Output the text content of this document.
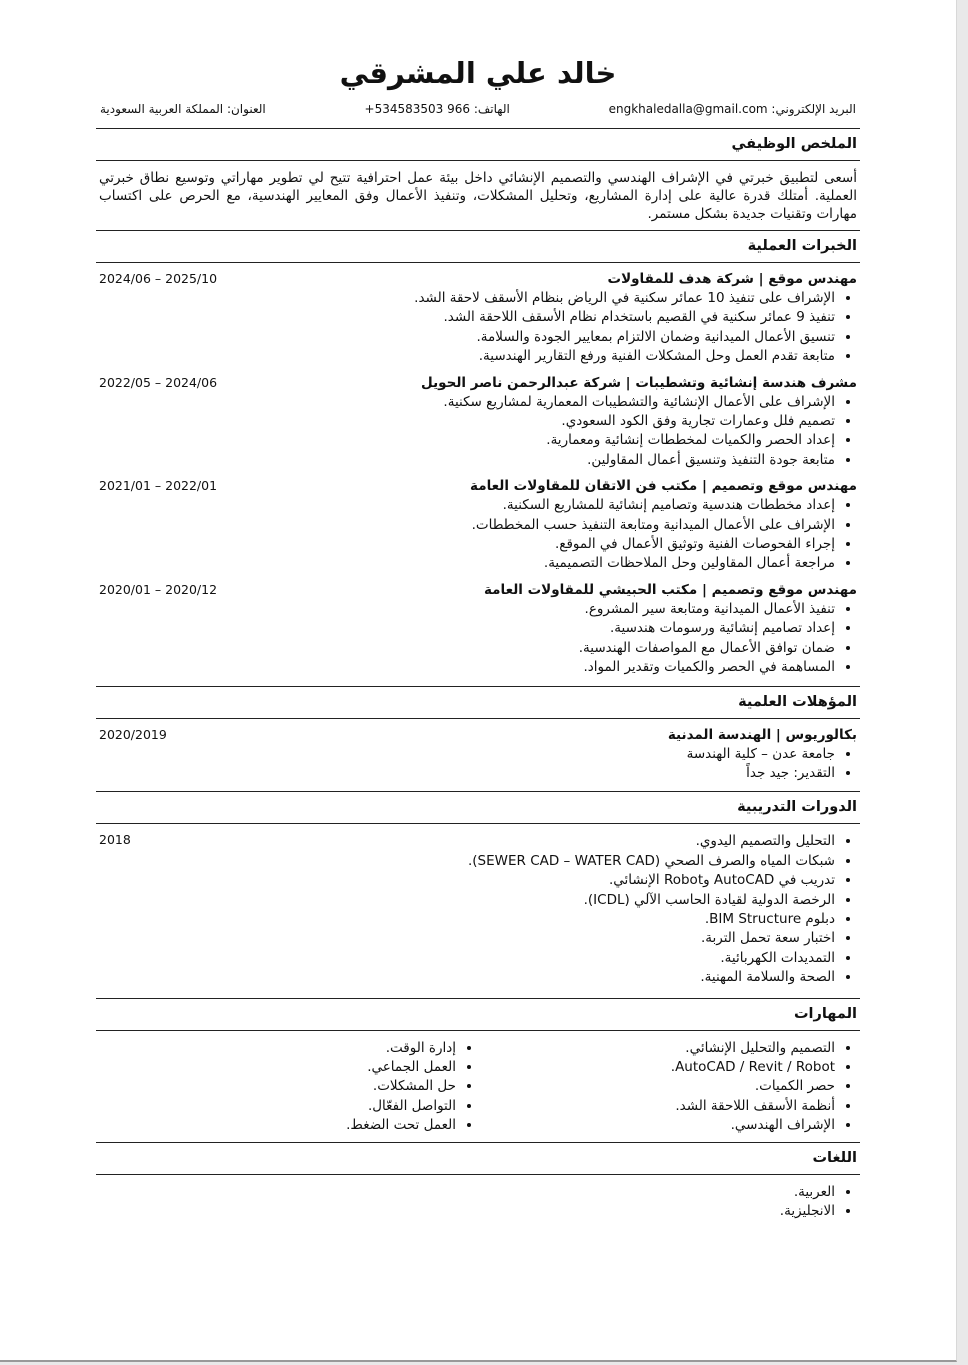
خالد علي المشرقي
البريد الإلكتروني: engkhaledalla@gmail.com
الهاتف: 966 534583503+
العنوان: المملكة العربية السعودية
الملخص الوظيفي
أسعى لتطبيق خبرتي في الإشراف الهندسي والتصميم الإنشائي داخل بيئة عمل احترافية تتيح لي تطوير مهاراتي وتوسيع نطاق خبرتي العملية. أمتلك قدرة عالية على إدارة المشاريع، وتحليل المشكلات، وتنفيذ الأعمال وفق المعايير الهندسية، مع الحرص على اكتساب مهارات وتقنيات جديدة بشكل مستمر.
الخبرات العملية
مهندس موقع | شركة هدف للمقاولات
2024/06 – 2025/10
• الإشراف على تنفيذ 10 عمائر سكنية في الرياض بنظام الأسقف لاحقة الشد.
• تنفيذ 9 عمائر سكنية في القصيم باستخدام نظام الأسقف اللاحقة الشد.
• تنسيق الأعمال الميدانية وضمان الالتزام بمعايير الجودة والسلامة.
• متابعة تقدم العمل وحل المشكلات الفنية ورفع التقارير الهندسية.
مشرف هندسة إنشائية وتشطيبات | شركة عبدالرحمن ناصر الحويل
2022/05 – 2024/06
• الإشراف على الأعمال الإنشائية والتشطيبات المعمارية لمشاريع سكنية.
• تصميم فلل وعمارات تجارية وفق الكود السعودي.
• إعداد الحصر والكميات لمخططات إنشائية ومعمارية.
• متابعة جودة التنفيذ وتنسيق أعمال المقاولين.
مهندس موقع وتصميم | مكتب فن الاتقان للمقاولات العامة
2021/01 – 2022/01
• إعداد مخططات هندسية وتصاميم إنشائية للمشاريع السكنية.
• الإشراف على الأعمال الميدانية ومتابعة التنفيذ حسب المخططات.
• إجراء الفحوصات الفنية وتوثيق الأعمال في الموقع.
• مراجعة أعمال المقاولين وحل الملاحظات التصميمية.
مهندس موقع وتصميم | مكتب الحبيشي للمقاولات العامة
2020/01 – 2020/12
• تنفيذ الأعمال الميدانية ومتابعة سير المشروع.
• إعداد تصاميم إنشائية ورسومات هندسية.
• ضمان توافق الأعمال مع المواصفات الهندسية.
• المساهمة في الحصر والكميات وتقدير المواد.
المؤهلات العلمية
بكالوريوس | الهندسة المدنية
2020/2019
• جامعة عدن – كلية الهندسة
• التقدير: جيد جداً
الدورات التدريبية
• التحليل والتصميم اليدوي.
• شبكات المياه والصرف الصحي (SEWER CAD – WATER CAD).
• تدريب في AutoCAD وRobot الإنشائي.
• الرخصة الدولية لقيادة الحاسب الآلي (ICDL).
• دبلوم BIM Structure.
• اختبار سعة تحمل التربة.
• التمديدات الكهربائية.
• الصحة والسلامة المهنية.
2018
المهارات
• التصميم والتحليل الإنشائي.
• AutoCAD / Revit / Robot.
• حصر الكميات.
• أنظمة الأسقف اللاحقة الشد.
• الإشراف الهندسي.
• إدارة الوقت.
• العمل الجماعي.
• حل المشكلات.
• التواصل الفعّال.
• العمل تحت الضغط.
اللغات
• العربية.
• الانجليزية.
